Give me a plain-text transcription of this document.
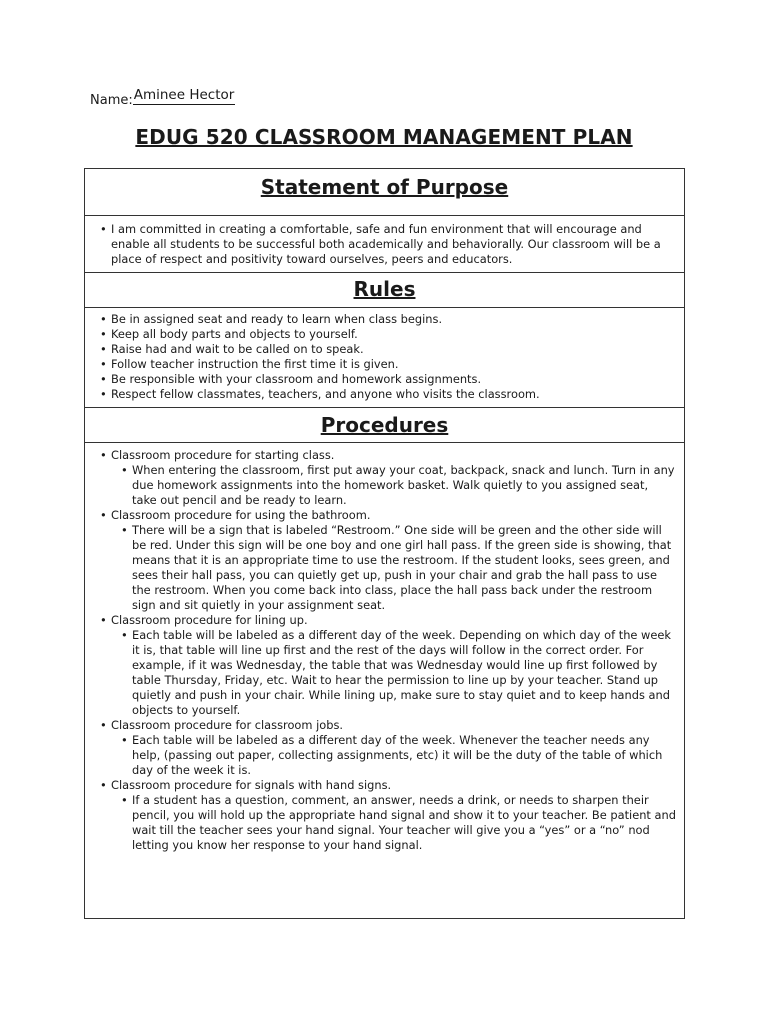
Name:Aminee Hector
EDUG 520 CLASSROOM MANAGEMENT PLAN
Statement of Purpose
• I am committed in creating a comfortable, safe and fun environment that will encourage and enable all students to be successful both academically and behaviorally. Our classroom will be a place of respect and positivity toward ourselves, peers and educators.
Rules
• Be in assigned seat and ready to learn when class begins.
• Keep all body parts and objects to yourself.
• Raise had and wait to be called on to speak.
• Follow teacher instruction the first time it is given.
• Be responsible with your classroom and homework assignments.
• Respect fellow classmates, teachers, and anyone who visits the classroom.
Procedures
• Classroom procedure for starting class.
• When entering the classroom, first put away your coat, backpack, snack and lunch. Turn in any due homework assignments into the homework basket. Walk quietly to you assigned seat, take out pencil and be ready to learn.
• Classroom procedure for using the bathroom.
• There will be a sign that is labeled “Restroom.” One side will be green and the other side will be red. Under this sign will be one boy and one girl hall pass. If the green side is showing, that means that it is an appropriate time to use the restroom. If the student looks, sees green, and sees their hall pass, you can quietly get up, push in your chair and grab the hall pass to use the restroom. When you come back into class, place the hall pass back under the restroom sign and sit quietly in your assignment seat.
• Classroom procedure for lining up.
• Each table will be labeled as a different day of the week. Depending on which day of the week it is, that table will line up first and the rest of the days will follow in the correct order. For example, if it was Wednesday, the table that was Wednesday would line up first followed by table Thursday, Friday, etc. Wait to hear the permission to line up by your teacher. Stand up quietly and push in your chair. While lining up, make sure to stay quiet and to keep hands and objects to yourself.
• Classroom procedure for classroom jobs.
• Each table will be labeled as a different day of the week. Whenever the teacher needs any help, (passing out paper, collecting assignments, etc) it will be the duty of the table of which day of the week it is.
• Classroom procedure for signals with hand signs.
• If a student has a question, comment, an answer, needs a drink, or needs to sharpen their pencil, you will hold up the appropriate hand signal and show it to your teacher. Be patient and wait till the teacher sees your hand signal. Your teacher will give you a “yes” or a “no” nod letting you know her response to your hand signal.
